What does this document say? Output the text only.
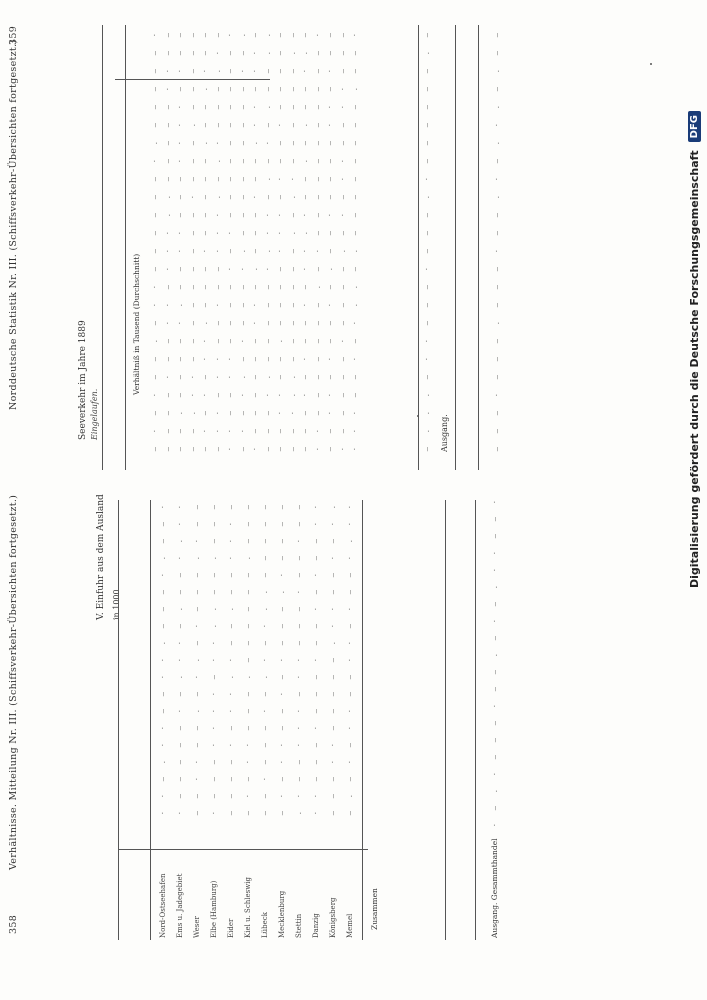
358
Verhältnisse. Mitteilung Nr. III. (Schiffsverkehr-Übersichten fortgesetzt.)
Norddeutsche Statistik Nr. III. (Schiffsverkehr-Übersichten fortgesetzt.)
359
V. Einfuhr aus dem Ausland in 1000
Nord-Ostseehafen
··—.··—–··.––—·.–—·
Ems u. Jadegebiet
·——––—·–.··–.—–·.··
Weser
—–··—–.–·.–·––—.·——
Elbe (Hamburg)
·–––····–··..–—.–––
Eider
––––·—··.·––.–—···—
Kiel u. Schleswig
–·–··—––.——––––.–——
Lübeck
——·––—·—.·—·..–———–
Mecklenburg
—·—··—–·–·–––.·—–——
Stettin
.·—–···–··—––·––·––
Danzig
··–––·–––·—–·–·––··
Königsberg
––—··––—–—.··—–·—·.
Memel
–.–·–··–—··–·——·.··
Zusammen	Ausgang. Gesammthandel
·–.·——–·––.—·–.··––·
Seeverkehr im Jahre 1889 Eingelaufen.
Verhältniß in Tausend (Durchschnitt)
–·–·—–.—··––—––—·.––———·
——––·––··–···..––—–—··––
–—.—––—·.—–··–––····–·––
––.··–—––—–—––·–––.–—–——
–·—·–··.–—–·–––––.——.·——
–··—··—–·——···.–.·—––.·—
··——··–——–·–·––—–––—–—–·
–·–·.—·––—·.––—–——–––·—.
·–—–—––··–.–––·—–.··—··—
–––·.––—––·.··–.–·–.––..
–—··——.—––—···—·—–·––––—
––·..–—–—––—.–.·—––——–.–
––—·–·––·–··.·––.–.—–·.–
··––––––—.—·–—–––––––—–·
——··—·—–·–.——·–——–··–·–—
·–—––—·––——.–·—··––··––—
···——·–·..–.–——–—–––.––·
—...–··––—·–––.·–—––––.—
Ausgang.	––—·––—.––—·—–.·–.·.–.––
Digitalisierung gefördert durch die Deutsche Forschungsgemeinschaft
DFG
